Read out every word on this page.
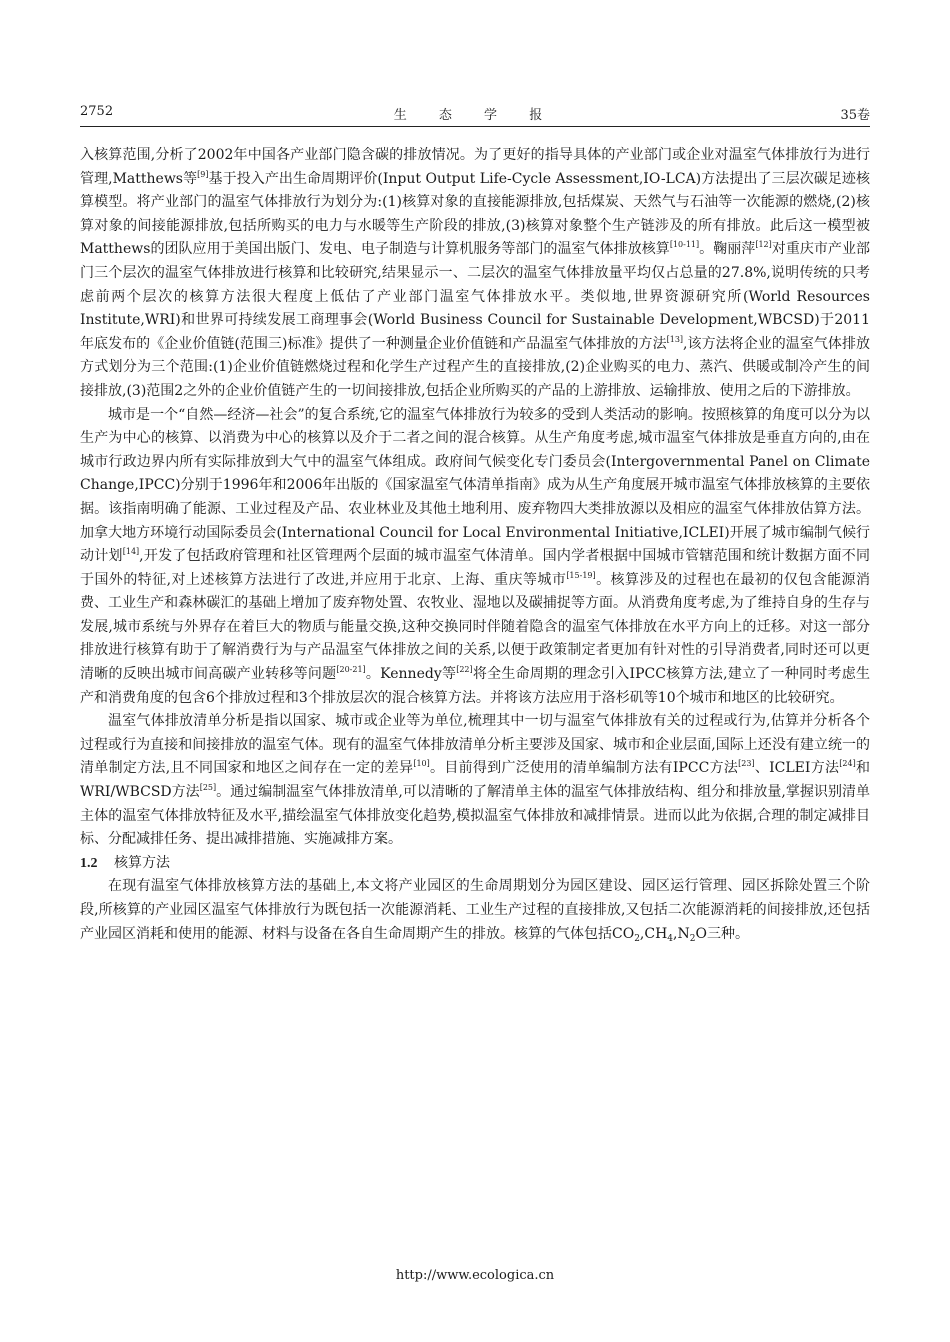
2752	生 态 学 报	35卷

入核算范围,分析了2002年中国各产业部门隐含碳的排放情况。为了更好的指导具体的产业部门或企业对温室气体排放行为进行管理,Matthews等[9]基于投入产出生命周期评价(Input Output Life-Cycle Assessment,IO-LCA)方法提出了三层次碳足迹核算模型。将产业部门的温室气体排放行为划分为:(1)核算对象的直接能源排放,包括煤炭、天然气与石油等一次能源的燃烧,(2)核算对象的间接能源排放,包括所购买的电力与水暖等生产阶段的排放,(3)核算对象整个生产链涉及的所有排放。此后这一模型被Matthews的团队应用于美国出版门、发电、电子制造与计算机服务等部门的温室气体排放核算[10-11]。鞠丽萍[12]对重庆市产业部门三个层次的温室气体排放进行核算和比较研究,结果显示一、二层次的温室气体排放量平均仅占总量的27.8%,说明传统的只考虑前两个层次的核算方法很大程度上低估了产业部门温室气体排放水平。类似地,世界资源研究所(World Resources Institute,WRI)和世界可持续发展工商理事会(World Business Council for Sustainable Development,WBCSD)于2011年底发布的《企业价值链(范围三)标准》提供了一种测量企业价值链和产品温室气体排放的方法[13],该方法将企业的温室气体排放方式划分为三个范围:(1)企业价值链燃烧过程和化学生产过程产生的直接排放,(2)企业购买的电力、蒸汽、供暖或制冷产生的间接排放,(3)范围2之外的企业价值链产生的一切间接排放,包括企业所购买的产品的上游排放、运输排放、使用之后的下游排放。

城市是一个“自然—经济—社会”的复合系统,它的温室气体排放行为较多的受到人类活动的影响。按照核算的角度可以分为以生产为中心的核算、以消费为中心的核算以及介于二者之间的混合核算。从生产角度考虑,城市温室气体排放是垂直方向的,由在城市行政边界内所有实际排放到大气中的温室气体组成。政府间气候变化专门委员会(Intergovernmental Panel on Climate Change,IPCC)分别于1996年和2006年出版的《国家温室气体清单指南》成为从生产角度展开城市温室气体排放核算的主要依据。该指南明确了能源、工业过程及产品、农业林业及其他土地利用、废弃物四大类排放源以及相应的温室气体排放估算方法。加拿大地方环境行动国际委员会(International Council for Local Environmental Initiative,ICLEI)开展了城市编制气候行动计划[14],开发了包括政府管理和社区管理两个层面的城市温室气体清单。国内学者根据中国城市管辖范围和统计数据方面不同于国外的特征,对上述核算方法进行了改进,并应用于北京、上海、重庆等城市[15-19]。核算涉及的过程也在最初的仅包含能源消费、工业生产和森林碳汇的基础上增加了废弃物处置、农牧业、湿地以及碳捕捉等方面。从消费角度考虑,为了维持自身的生存与发展,城市系统与外界存在着巨大的物质与能量交换,这种交换同时伴随着隐含的温室气体排放在水平方向上的迁移。对这一部分排放进行核算有助于了解消费行为与产品温室气体排放之间的关系,以便于政策制定者更加有针对性的引导消费者,同时还可以更清晰的反映出城市间高碳产业转移等问题[20-21]。Kennedy等[22]将全生命周期的理念引入IPCC核算方法,建立了一种同时考虑生产和消费角度的包含6个排放过程和3个排放层次的混合核算方法。并将该方法应用于洛杉矶等10个城市和地区的比较研究。

温室气体排放清单分析是指以国家、城市或企业等为单位,梳理其中一切与温室气体排放有关的过程或行为,估算并分析各个过程或行为直接和间接排放的温室气体。现有的温室气体排放清单分析主要涉及国家、城市和企业层面,国际上还没有建立统一的清单制定方法,且不同国家和地区之间存在一定的差异[10]。目前得到广泛使用的清单编制方法有IPCC方法[23]、ICLEI方法[24]和WRI/WBCSD方法[25]。通过编制温室气体排放清单,可以清晰的了解清单主体的温室气体排放结构、组分和排放量,掌握识别清单主体的温室气体排放特征及水平,描绘温室气体排放变化趋势,模拟温室气体排放和减排情景。进而以此为依据,合理的制定减排目标、分配减排任务、提出减排措施、实施减排方案。

1.2 核算方法

在现有温室气体排放核算方法的基础上,本文将产业园区的生命周期划分为园区建设、园区运行管理、园区拆除处置三个阶段,所核算的产业园区温室气体排放行为既包括一次能源消耗、工业生产过程的直接排放,又包括二次能源消耗的间接排放,还包括产业园区消耗和使用的能源、材料与设备在各自生命周期产生的排放。核算的气体包括$CO_2,CH_4,N_2O$三种。

http://www.ecologica.cn
